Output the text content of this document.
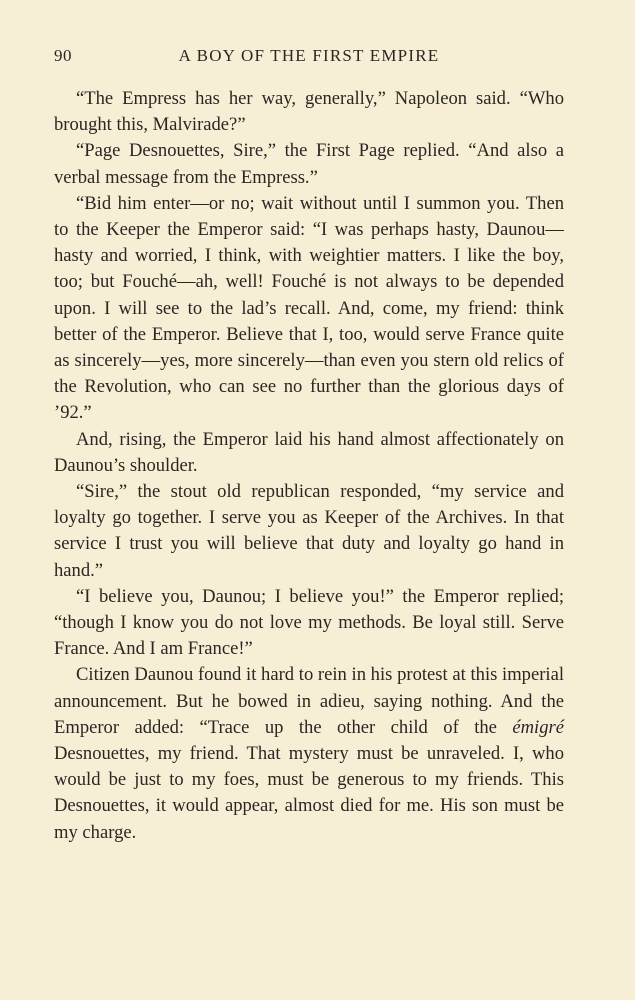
90	A BOY OF THE FIRST EMPIRE

“The Empress has her way, generally,” Napoleon said. “Who brought this, Malvirade?”

“Page Desnouettes, Sire,” the First Page replied. “And also a verbal message from the Empress.”

“Bid him enter—or no; wait without until I summon you. Then to the Keeper the Emperor said: “I was perhaps hasty, Daunou—hasty and worried, I think, with weightier matters. I like the boy, too; but Fouché—ah, well! Fouché is not always to be depended upon. I will see to the lad’s recall. And, come, my friend: think better of the Emperor. Believe that I, too, would serve France quite as sincerely—yes, more sincerely—than even you stern old relics of the Revolution, who can see no further than the glorious days of ’92.”

And, rising, the Emperor laid his hand almost affectionately on Daunou’s shoulder.

“Sire,” the stout old republican responded, “my service and loyalty go together. I serve you as Keeper of the Archives. In that service I trust you will believe that duty and loyalty go hand in hand.”

“I believe you, Daunou; I believe you!” the Emperor replied; “though I know you do not love my methods. Be loyal still. Serve France. And I am France!”

Citizen Daunou found it hard to rein in his protest at this imperial announcement. But he bowed in adieu, saying nothing. And the Emperor added: “Trace up the other child of the émigré Desnouettes, my friend. That mystery must be unraveled. I, who would be just to my foes, must be generous to my friends. This Desnouettes, it would appear, almost died for me. His son must be my charge.
